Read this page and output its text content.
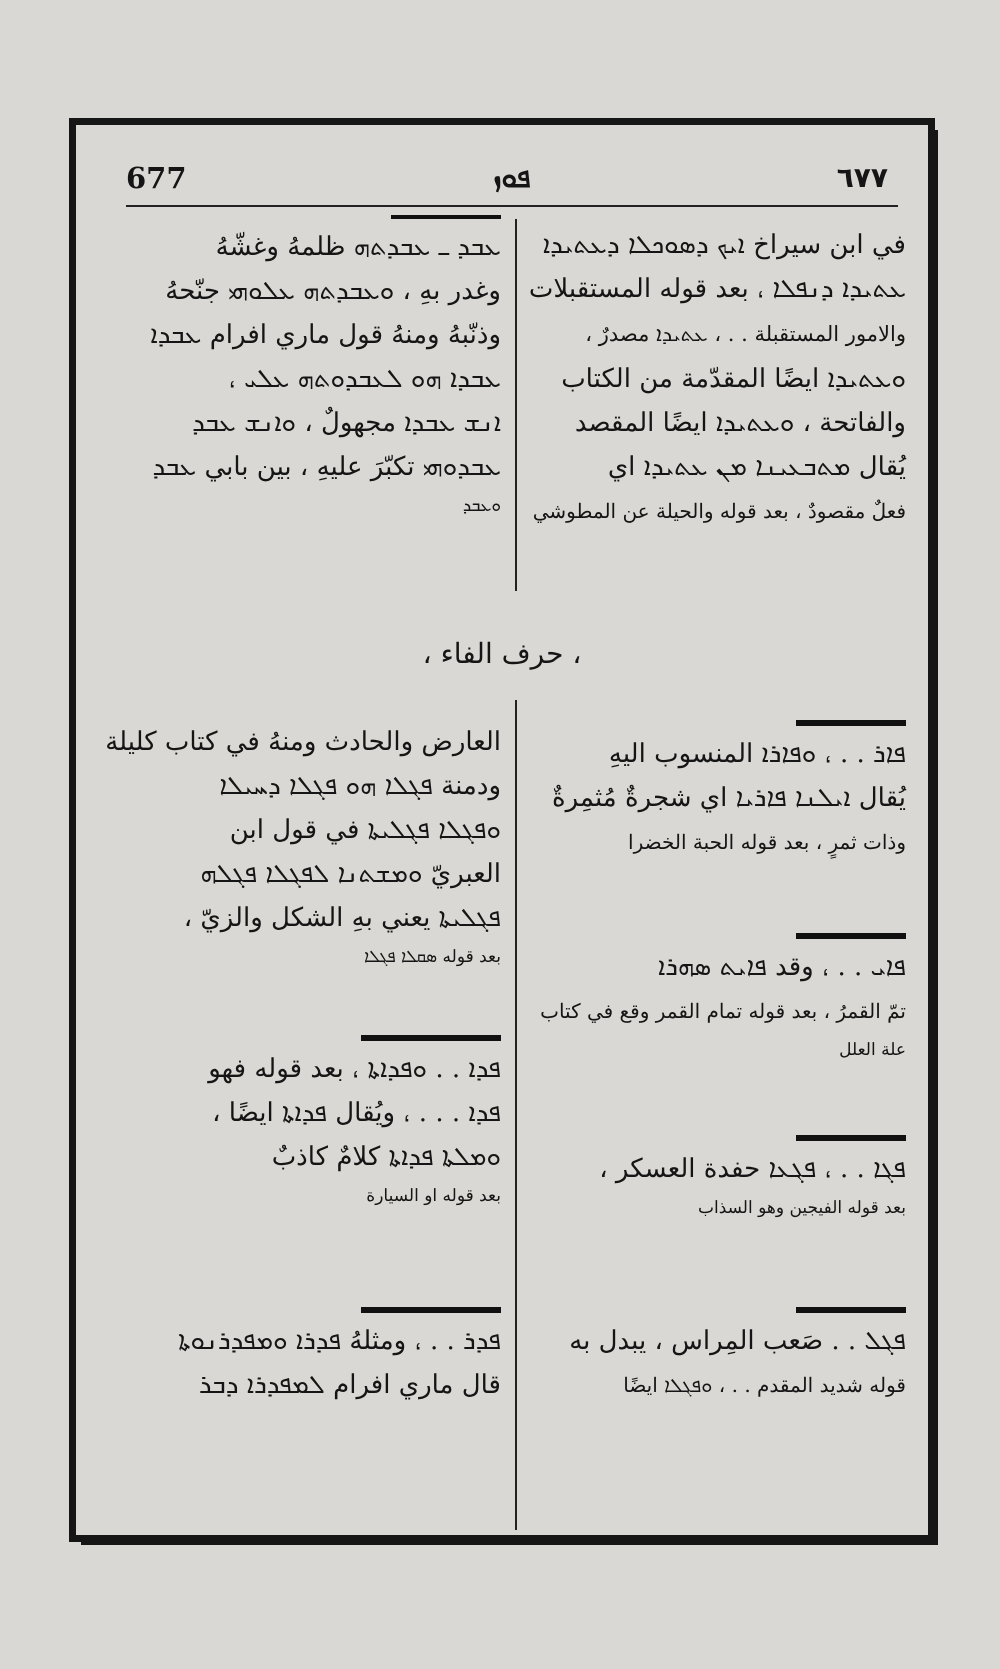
677	ܦܘܙ	٦٧٧
في ابن سيراخ ܐܝܟ ܕܣܘܟܠܐ ܕܥܬܝܕܐ
ܥܬܝܕܐ ܕܢܦܠܐ ، بعد قوله المستقبلات
والامور المستقبلة . . ، ܥܬܝܕܐ مصدرٌ ،
ܘܥܬܝܕܐ ايضًا المقدّمة من الكتاب
والفاتحة ، ܘܥܬܝܕܐ ايضًا المقصد
يُقال ܡܬܒܥܝܢܐ ܡܢ ܥܬܝܕܐ اي
فعلٌ مقصودٌ ، بعد قوله والحيلة عن المطوشي
ܥܒܕ ـ ܥܒܕܬܗ ظلمهُ وغشّهُ
وغدر بهِ ، ܘܥܒܕܬܗ ܥܠܘܗܝ جنّحهُ
وذنّبهُ ومنهُ قول ماري افرام ܥܒܕܐ
ܥܒܕܐ ܗܘ ܠܥܒܕܘܬܗ ܥܠܝ ،
ܐܢܫ ܥܒܕܐ مجهولٌ ، ܘܐܢܫ ܥܒܕ
ܥܒܕܘܗܝ تكبّرَ عليهِ ، بين بابي ܥܒܕ
ܘܥܒܕ
، حرف الفاء ،
ܦܐܪ . . ، ܘܦܐܪܐ المنسوب اليهِ
يُقال ܐܝܠܢܐ ܦܐܪܝܐ اي شجرةٌ مُثمِرةٌ
وذات ثمرٍ ، بعد قوله الحبة الخضرا
ܦܐܝ . . ، وقد ܦܐܝܬ ܣܗܪܐ
تمّ القمرُ ، بعد قوله تمام القمر وقع في كتاب
علة العلل
ܦܓܐ . . ، ܦܓܥܐ حفدة العسكر ،
بعد قوله الفيجين وهو السذاب
ܦܓܠ . . صَعب المِراس ، يبدل به
قوله شديد المقدم . . ، ܘܦܓܠܐ ايضًا
العارض والحادث ومنهُ في كتاب كليلة
ودمنة ܦܓܠܐ ܗܘ ܦܓܠܐ ܕܚܝܠܐ
ܘܦܓܠܐ ܦܓܠܝܬܐ في قول ابن
العبريّ ܘܡܫܬܢܐ ܠܦܓܠܐ ܦܓܠܗ
ܦܓܠܝܬܐ يعني بهِ الشكل والزيّ ،
بعد قوله ܣܩܠܐ ܦܓܠܐ
ܦܕܐ . . ܘܦܕܐܬܐ ، بعد قوله فهو
ܦܕܐ . . . ، ويُقال ܦܕܐܬܐ ايضًا ،
ܘܡܠܬܐ ܦܕܐܬܐ كلامٌ كاذبٌ
بعد قوله او السيارة
ܦܕܪ . . ، ومثلهُ ܦܕܪܐ ܘܡܦܕܪܢܘܬܐ
قال ماري افرام ܠܡܦܕܪܐ ܕܒܪ
